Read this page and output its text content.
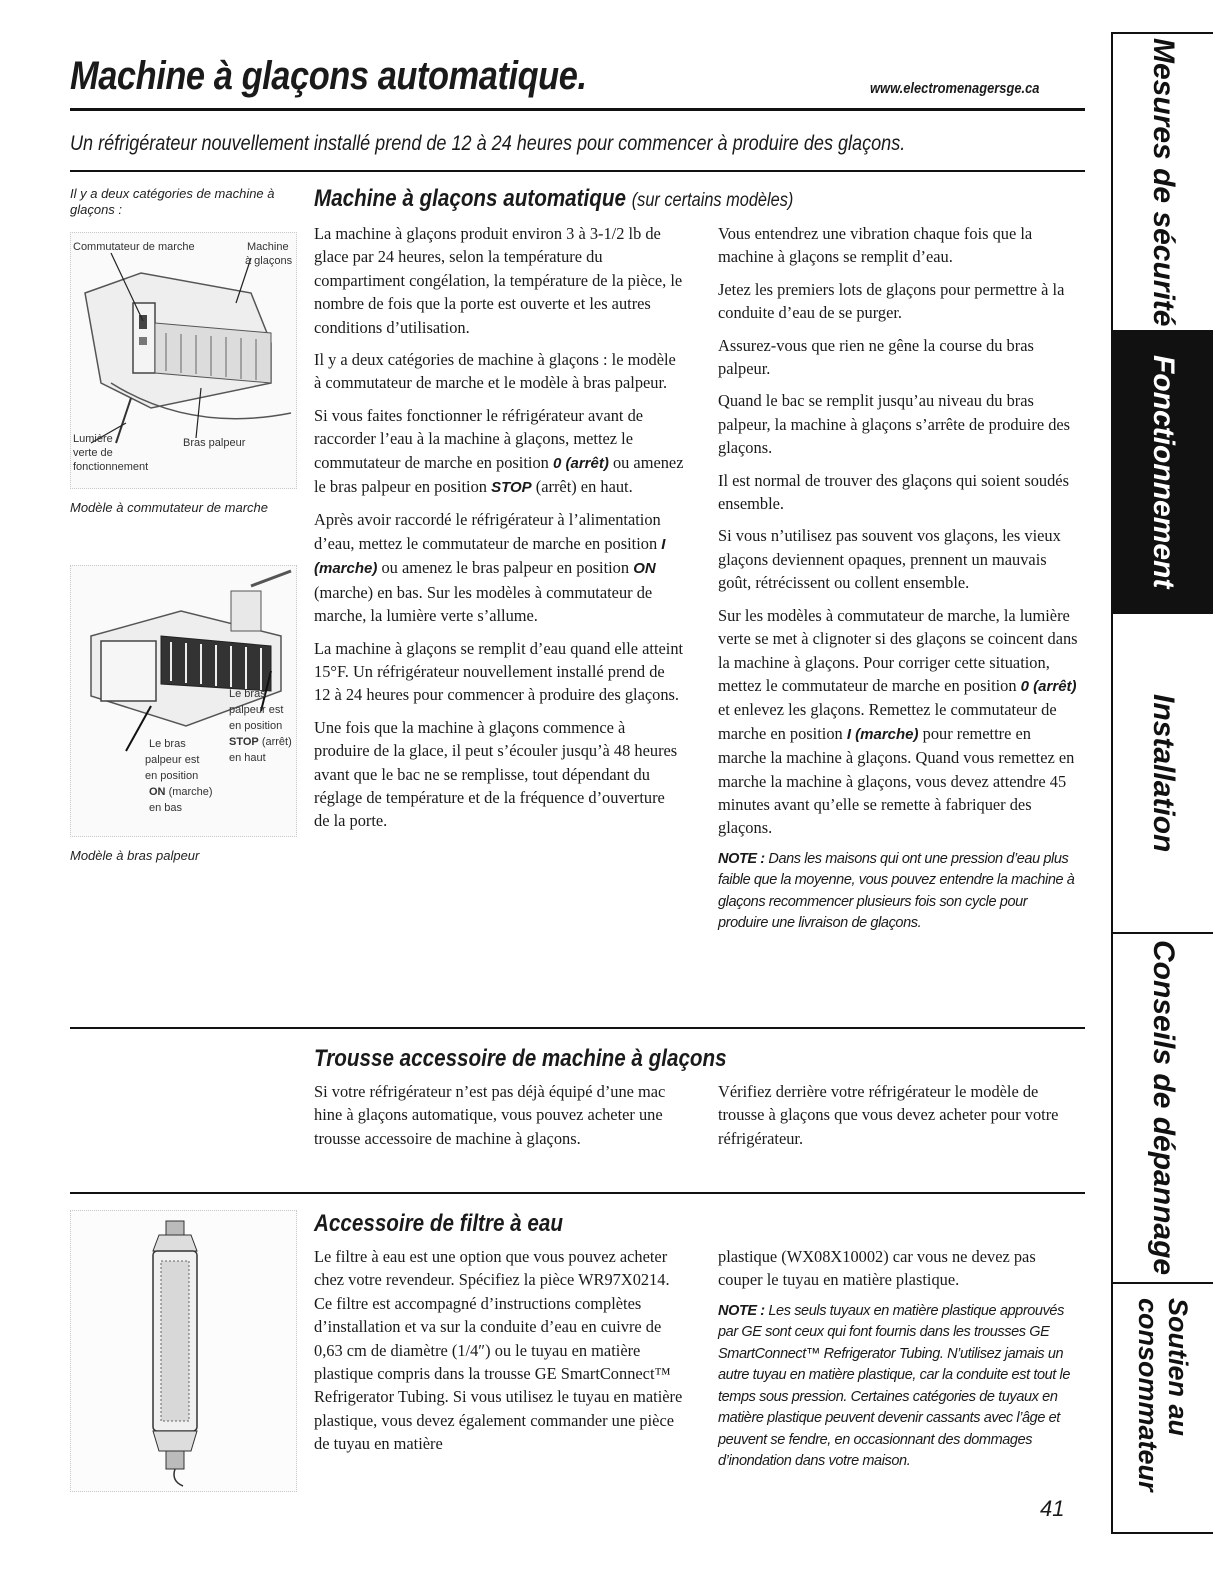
Machine à glaçons automatique.	www.electromenagersge.ca
Un réfrigérateur nouvellement installé prend de 12 à 24 heures pour commencer à produire des glaçons.
Il y a deux catégories de machine à glaçons :
Commutateur de marche	Machine
à glaçons
Lumière
verte de
fonctionnement
Bras palpeur
Modèle à commutateur de marche
Le bras
palpeur est
en position
ON (marche)
en bas
Le bras
palpeur est
en position
STOP (arrêt)
en haut
Modèle à bras palpeur
Machine à glaçons automatique (sur certains modèles)

La machine à glaçons produit environ 3 à 3-1/2 lb de glace par 24 heures, selon la température du compartiment congélation, la température de la pièce, le nombre de fois que la porte est ouverte et les autres conditions d’utilisation.

Il y a deux catégories de machine à glaçons : le modèle à commutateur de marche et le modèle à bras palpeur.

Si vous faites fonctionner le réfrigérateur avant de raccorder l’eau à la machine à glaçons, mettez le commutateur de marche en position 0 (arrêt) ou amenez le bras palpeur en position STOP (arrêt) en haut.

Après avoir raccordé le réfrigérateur à l’alimentation d’eau, mettez le commutateur de marche en position I (marche) ou amenez le bras palpeur en position ON (marche) en bas. Sur les modèles à commutateur de marche, la lumière verte s’allume.

La machine à glaçons se remplit d’eau quand elle atteint 15°F. Un réfrigérateur nouvellement installé prend de 12 à 24 heures pour commencer à produire des glaçons.

Une fois que la machine à glaçons commence à produire de la glace, il peut s’écouler jusqu’à 48 heures avant que le bac ne se remplisse, tout dépendant du réglage de température et de la fréquence d’ouverture de la porte.

Vous entendrez une vibration chaque fois que la machine à glaçons se remplit d’eau.

Jetez les premiers lots de glaçons pour permettre à la conduite d’eau de se purger.

Assurez-vous que rien ne gêne la course du bras palpeur.

Quand le bac se remplit jusqu’au niveau du bras palpeur, la machine à glaçons s’arrête de produire des glaçons.

Il est normal de trouver des glaçons qui soient soudés ensemble.

Si vous n’utilisez pas souvent vos glaçons, les vieux glaçons deviennent opaques, prennent un mauvais goût, rétrécissent ou collent ensemble.

Sur les modèles à commutateur de marche, la lumière verte se met à clignoter si des glaçons se coincent dans la machine à glaçons. Pour corriger cette situation, mettez le commutateur de marche en position 0 (arrêt) et enlevez les glaçons. Remettez le commutateur de marche en position I (marche) pour remettre en marche la machine à glaçons. Quand vous remettez en marche la machine à glaçons, vous devez attendre 45 minutes avant qu’elle se remette à fabriquer des glaçons.

NOTE : Dans les maisons qui ont une pression d’eau plus faible que la moyenne, vous pouvez entendre la machine à glaçons recommencer plusieurs fois son cycle pour produire une livraison de glaçons.
Trousse accessoire de machine à glaçons

Si votre réfrigérateur n’est pas déjà équipé d’une mac hine à glaçons automatique, vous pouvez acheter une trousse accessoire de machine à glaçons.

Vérifiez derrière votre réfrigérateur le modèle de trousse à glaçons que vous devez acheter pour votre réfrigérateur.

Accessoire de filtre à eau

Le filtre à eau est une option que vous pouvez acheter chez votre revendeur. Spécifiez la pièce WR97X0214. Ce filtre est accompagné d’instructions complètes d’installation et va sur la conduite d’eau en cuivre de 0,63 cm de diamètre (1/4″) ou le tuyau en matière plastique compris dans la trousse GE SmartConnect™ Refrigerator Tubing. Si vous utilisez le tuyau en matière plastique, vous devez également commander une pièce de tuyau en matière

plastique (WX08X10002) car vous ne devez pas couper le tuyau en matière plastique.

NOTE : Les seuls tuyaux en matière plastique approuvés par GE sont ceux qui font fournis dans les trousses GE SmartConnect™ Refrigerator Tubing. N’utilisez jamais un autre tuyau en matière plastique, car la conduite est tout le temps sous pression. Certaines catégories de tuyaux en matière plastique peuvent devenir cassants avec l’âge et peuvent se fendre, en occasionnant des dommages d’inondation dans votre maison.
41
Mesures de sécurité
Fonctionnement
Installation
Conseils de dépannage
Soutien au consommateur
